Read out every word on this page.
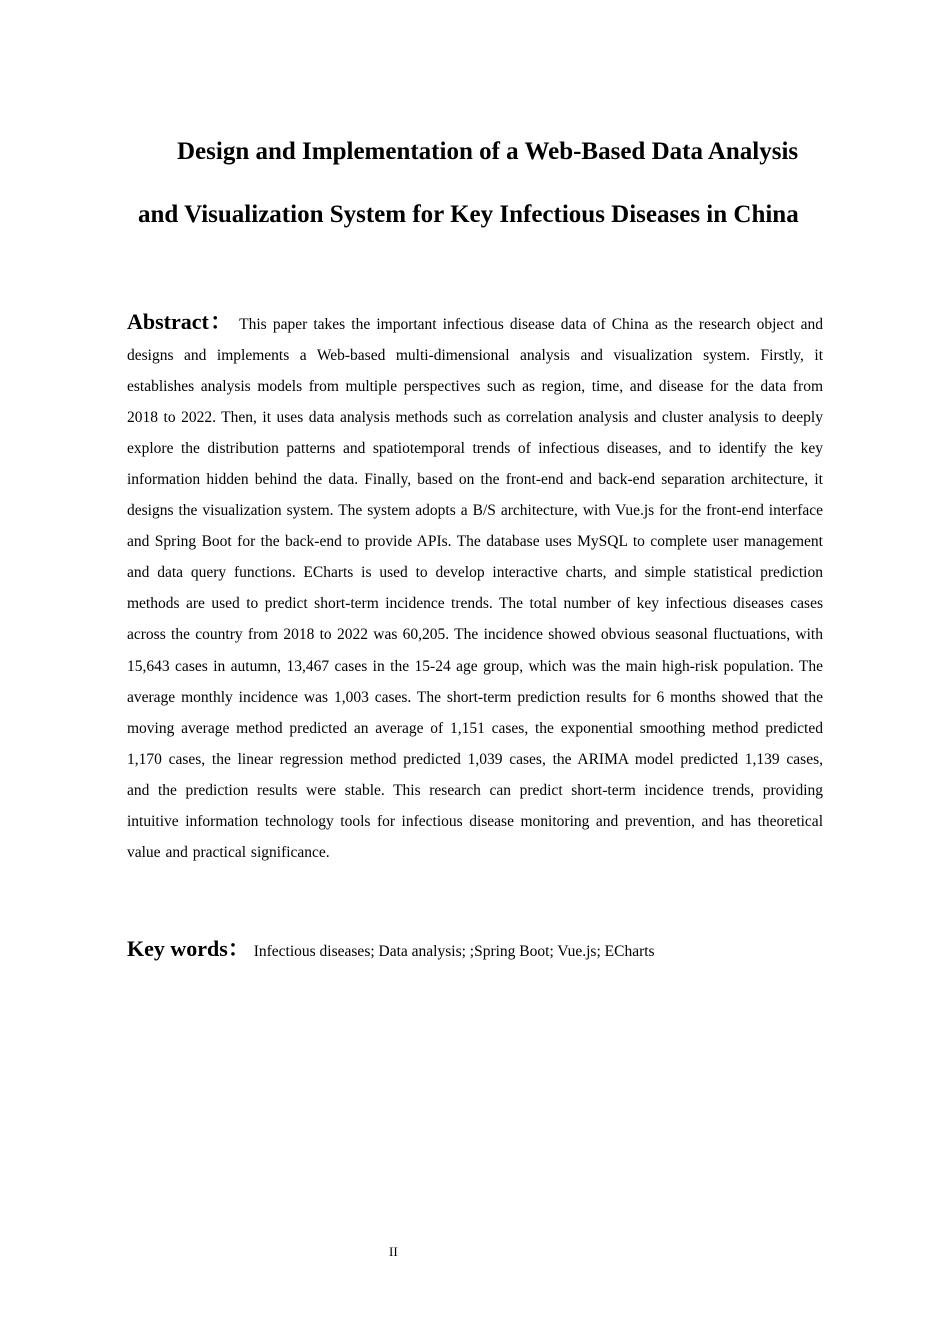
Design and Implementation of a Web-Based Data Analysis
and Visualization System for Key Infectious Diseases in China

Abstract： This paper takes the important infectious disease data of China as the research object and designs and implements a Web-based multi-dimensional analysis and visualization system. Firstly, it establishes analysis models from multiple perspectives such as region, time, and disease for the data from 2018 to 2022. Then, it uses data analysis methods such as correlation analysis and cluster analysis to deeply explore the distribution patterns and spatiotemporal trends of infectious diseases, and to identify the key information hidden behind the data. Finally, based on the front-end and back-end separation architecture, it designs the visualization system. The system adopts a B/S architecture, with Vue.js for the front-end interface and Spring Boot for the back-end to provide APIs. The database uses MySQL to complete user management and data query functions. ECharts is used to develop interactive charts, and simple statistical prediction methods are used to predict short-term incidence trends. The total number of key infectious diseases cases across the country from 2018 to 2022 was 60,205. The incidence showed obvious seasonal fluctuations, with 15,643 cases in autumn, 13,467 cases in the 15-24 age group, which was the main high-risk population. The average monthly incidence was 1,003 cases. The short-term prediction results for 6 months showed that the moving average method predicted an average of 1,151 cases, the exponential smoothing method predicted 1,170 cases, the linear regression method predicted 1,039 cases, the ARIMA model predicted 1,139 cases, and the prediction results were stable. This research can predict short-term incidence trends, providing intuitive information technology tools for infectious disease monitoring and prevention, and has theoretical value and practical significance.

Key words： Infectious diseases; Data analysis; ;Spring Boot; Vue.js; ECharts
II
